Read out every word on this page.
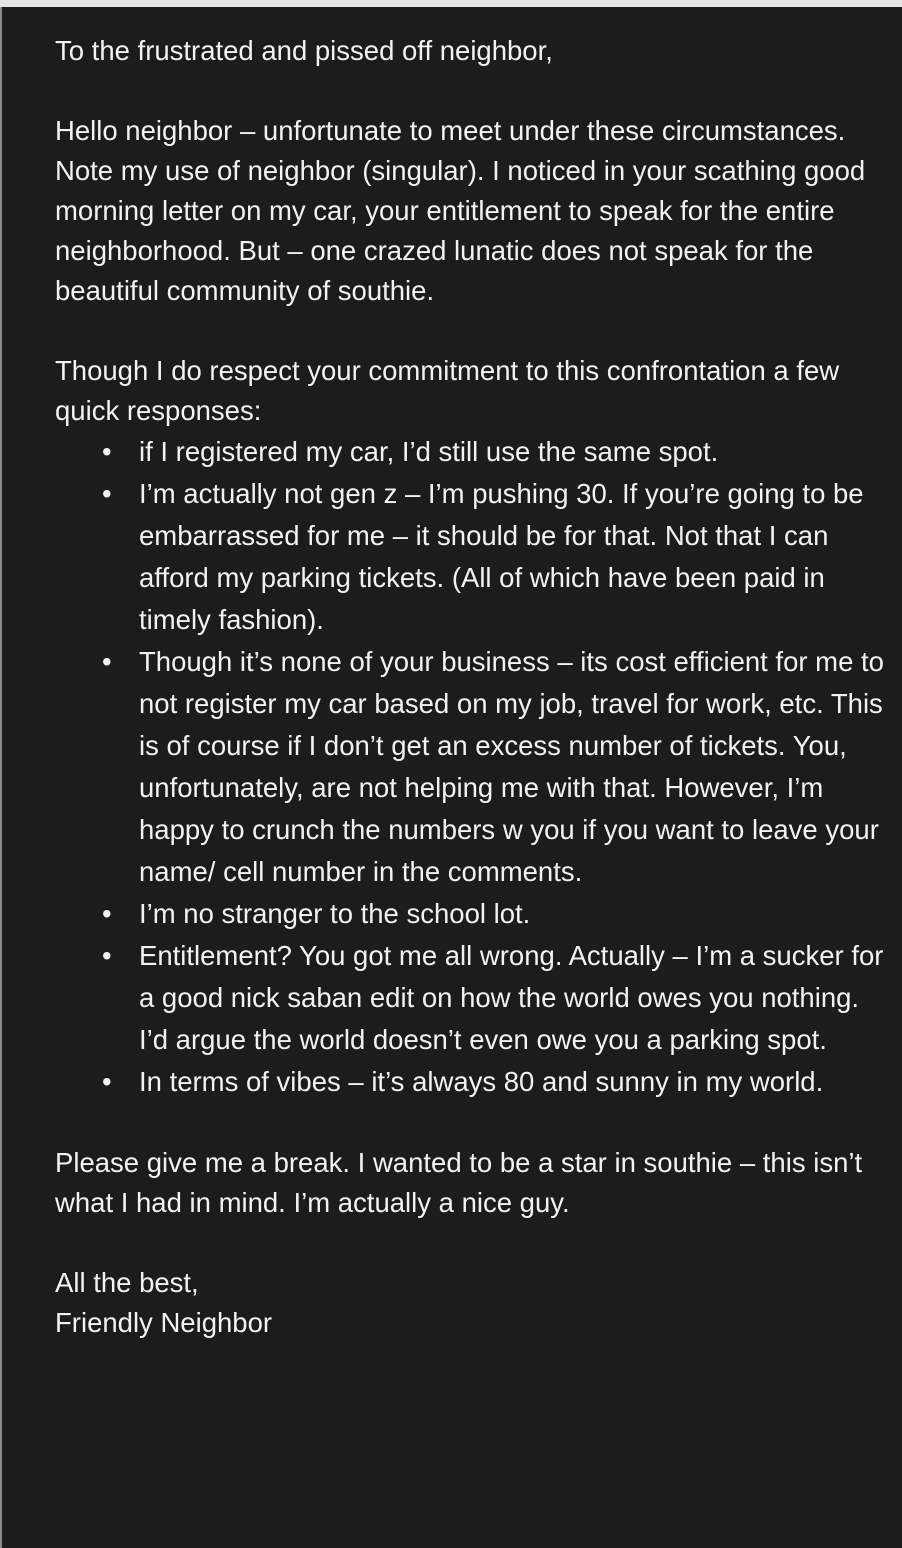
To the frustrated and pissed off neighbor,

Hello neighbor – unfortunate to meet under these circumstances. Note my use of neighbor (singular). I noticed in your scathing good morning letter on my car, your entitlement to speak for the entire neighborhood. But – one crazed lunatic does not speak for the beautiful community of southie.

Though I do respect your commitment to this confrontation a few quick responses:

• if I registered my car, I’d still use the same spot.
• I’m actually not gen z – I’m pushing 30. If you’re going to be embarrassed for me – it should be for that. Not that I can afford my parking tickets. (All of which have been paid in timely fashion).
• Though it’s none of your business – its cost efficient for me to not register my car based on my job, travel for work, etc. This is of course if I don’t get an excess number of tickets. You, unfortunately, are not helping me with that. However, I’m happy to crunch the numbers w you if you want to leave your name/ cell number in the comments.
• I’m no stranger to the school lot.
• Entitlement? You got me all wrong. Actually – I’m a sucker for a good nick saban edit on how the world owes you nothing. I’d argue the world doesn’t even owe you a parking spot.
• In terms of vibes – it’s always 80 and sunny in my world.

Please give me a break. I wanted to be a star in southie – this isn’t what I had in mind. I’m actually a nice guy.

All the best,
Friendly Neighbor
